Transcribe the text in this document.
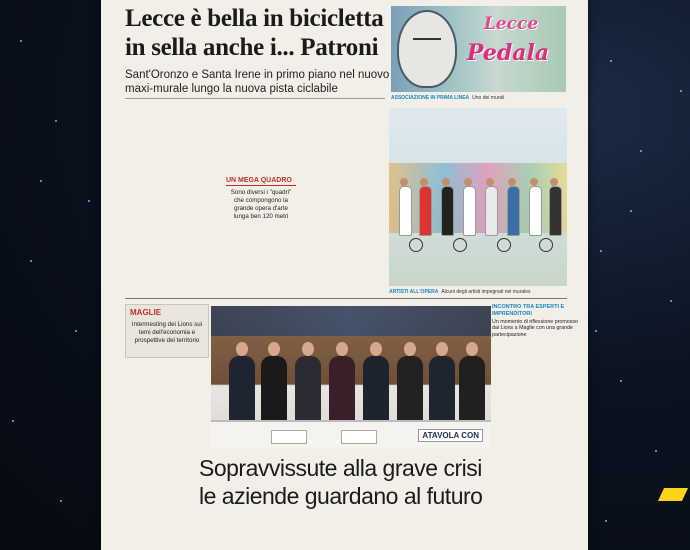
Lecce è bella in bicicletta
in sella anche i... Patroni
Sant'Oronzo e Santa Irene in primo piano nel nuovo
maxi-murale lungo la nuova pista ciclabile
Lecce
Pedala
ASSOCIAZIONE IN PRIMA LINEA Uno dei murali
UN MEGA QUADRO
Sono diversi i "quadri" che compongono la grande opera d'arte lunga ben 120 metri
ARTISTI ALL'OPERA Alcuni degli artisti impegnati nel murales
MAGLIE
Intermesting dei Lions sui temi dell'economia e prospettive del territorio
ATAVOLA CON
INCONTRO TRA ESPERTI E IMPRENDITORI
Un momento di riflessione promosso dai Lions a Maglie con una grande partecipazione
Sopravvissute alla grave crisi
le aziende guardano al futuro
